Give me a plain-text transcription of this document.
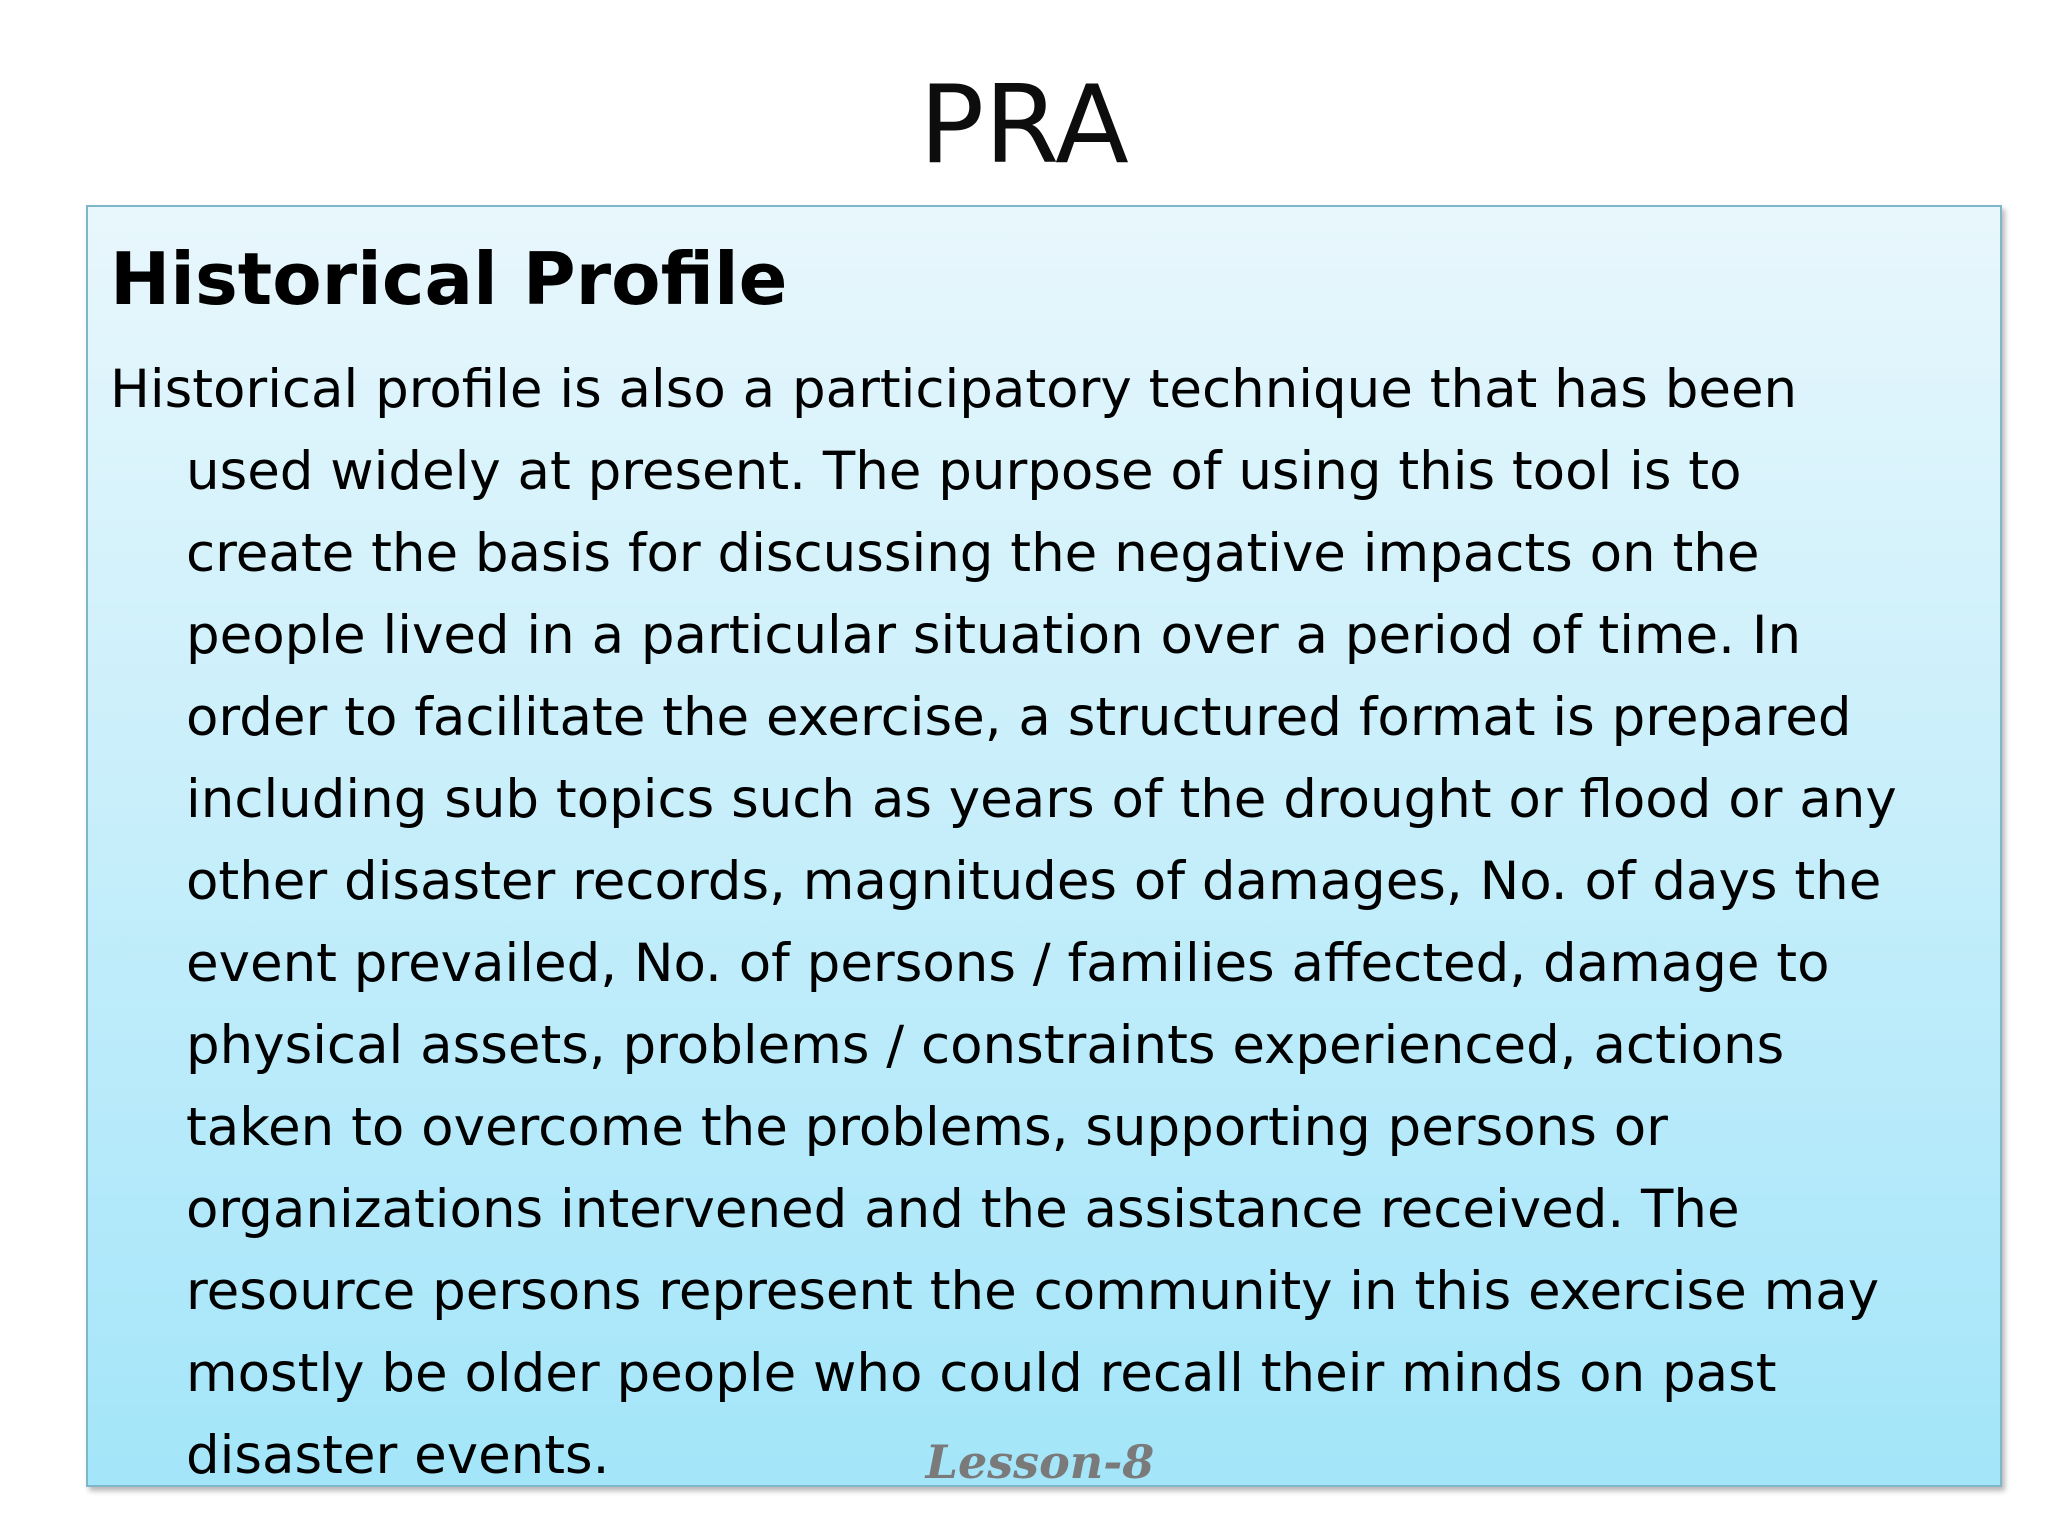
PRA
Historical Profile

Historical profile is also a participatory technique that has been
used widely at present. The purpose of using this tool is to
create the basis for discussing the negative impacts on the
people lived in a particular situation over a period of time. In
order to facilitate the exercise, a structured format is prepared
including sub topics such as years of the drought or flood or any
other disaster records, magnitudes of damages, No. of days the
event prevailed, No. of persons / families affected, damage to
physical assets, problems / constraints experienced, actions
taken to overcome the problems, supporting persons or
organizations intervened and the assistance received. The
resource persons represent the community in this exercise may
mostly be older people who could recall their minds on past
disaster events.	Lesson-8
